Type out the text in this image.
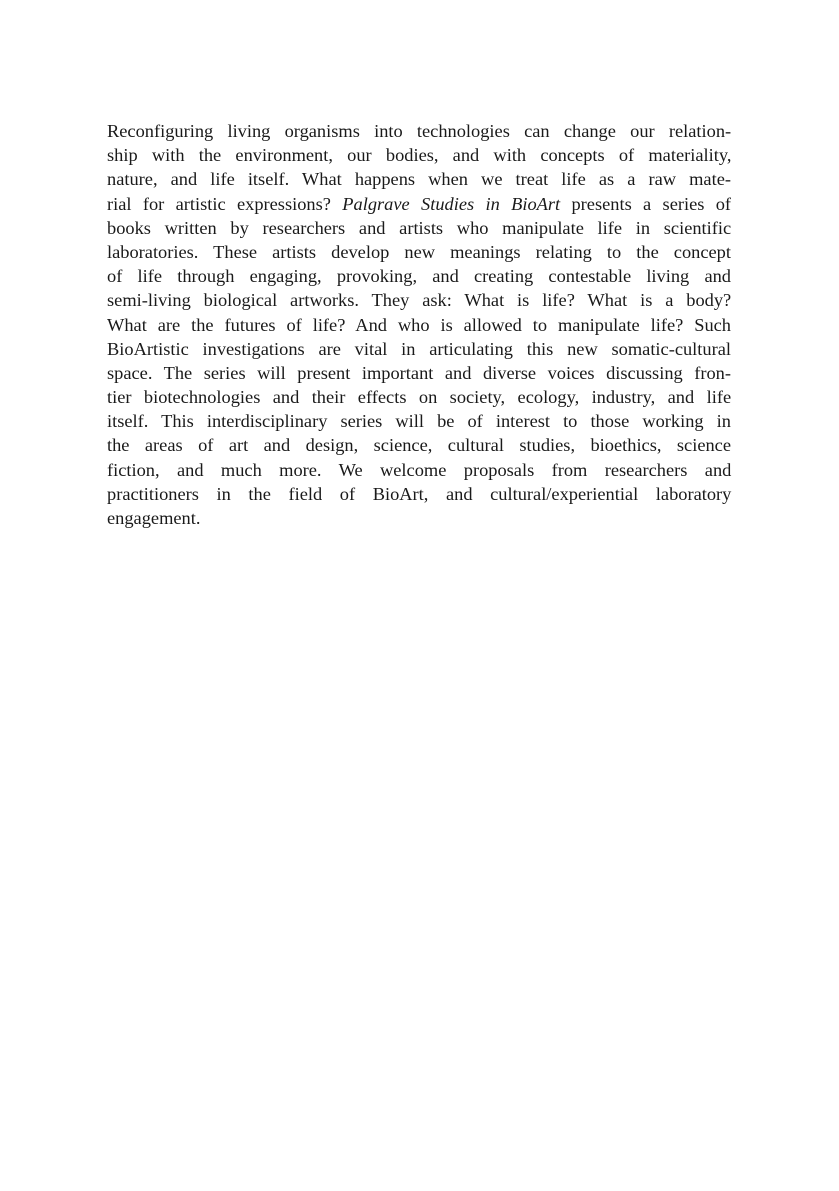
Reconfiguring living organisms into technologies can change our relation-
ship with the environment, our bodies, and with concepts of materiality,
nature, and life itself. What happens when we treat life as a raw mate-
rial for artistic expressions? Palgrave Studies in BioArt presents a series of
books written by researchers and artists who manipulate life in scientific
laboratories. These artists develop new meanings relating to the concept
of life through engaging, provoking, and creating contestable living and
semi-living biological artworks. They ask: What is life? What is a body?
What are the futures of life? And who is allowed to manipulate life? Such
BioArtistic investigations are vital in articulating this new somatic-cultural
space. The series will present important and diverse voices discussing fron-
tier biotechnologies and their effects on society, ecology, industry, and life
itself. This interdisciplinary series will be of interest to those working in
the areas of art and design, science, cultural studies, bioethics, science
fiction, and much more. We welcome proposals from researchers and
practitioners in the field of BioArt, and cultural/experiential laboratory
engagement.
